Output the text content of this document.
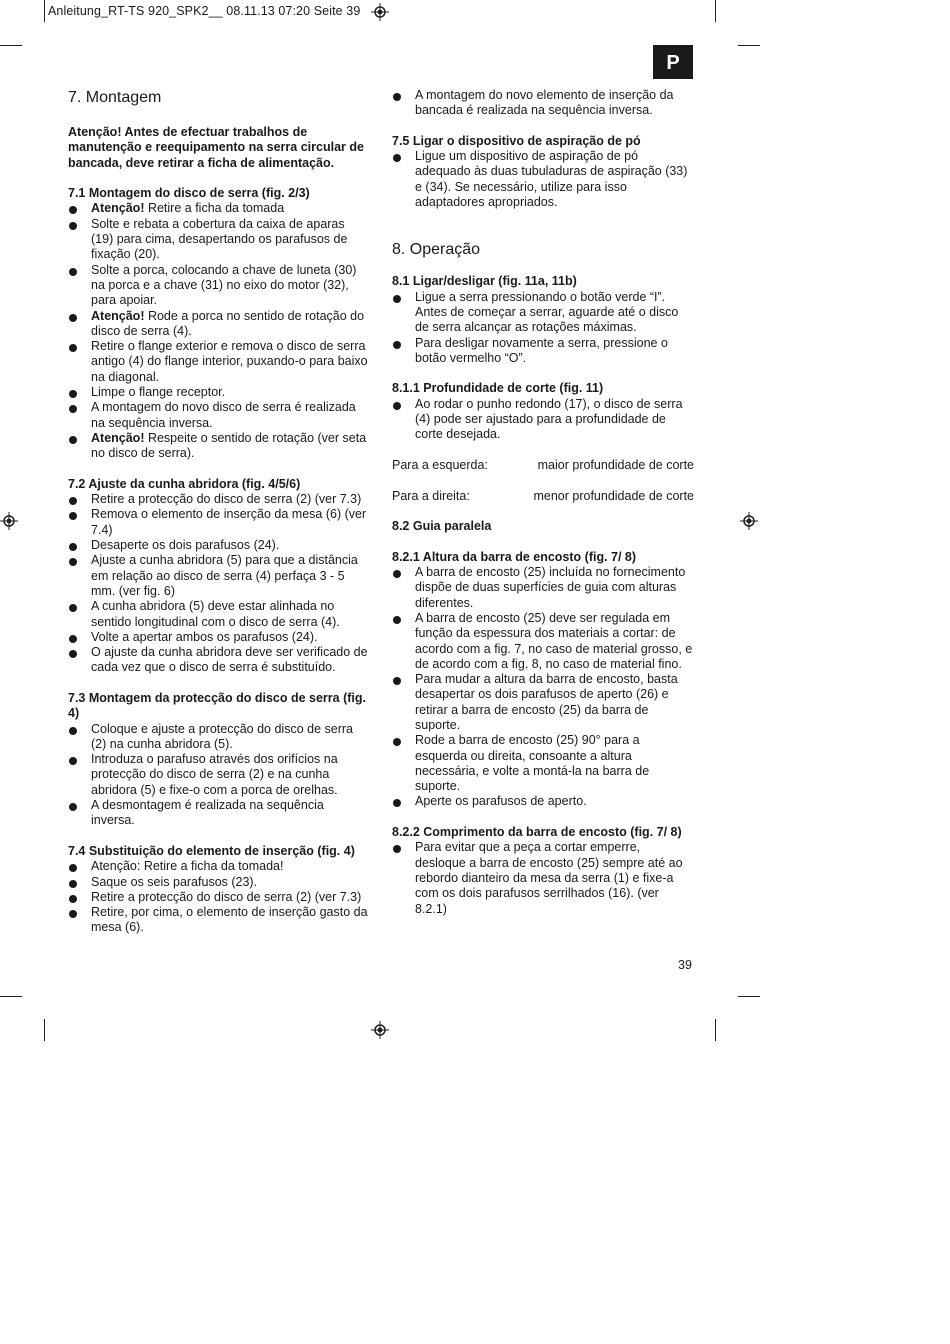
Anleitung_RT-TS 920_SPK2__ 08.11.13 07:20 Seite 39
P
7. Montagem

Atenção! Antes de efectuar trabalhos de manutenção e reequipamento na serra circular de bancada, deve retirar a ficha de alimentação.

7.1 Montagem do disco de serra (fig. 2/3)

Atenção! Retire a ficha da tomada
Solte e rebata a cobertura da caixa de aparas (19) para cima, desapertando os parafusos de fixação (20).
Solte a porca, colocando a chave de luneta (30) na porca e a chave (31) no eixo do motor (32), para apoiar.
Atenção! Rode a porca no sentido de rotação do disco de serra (4).
Retire o flange exterior e remova o disco de serra antigo (4) do flange interior, puxando-o para baixo na diagonal.
Limpe o flange receptor.
A montagem do novo disco de serra é realizada na sequência inversa.
Atenção! Respeite o sentido de rotação (ver seta no disco de serra).

7.2 Ajuste da cunha abridora (fig. 4/5/6)

Retire a protecção do disco de serra (2) (ver 7.3)
Remova o elemento de inserção da mesa (6) (ver 7.4)
Desaperte os dois parafusos (24).
Ajuste a cunha abridora (5) para que a distância em relação ao disco de serra (4) perfaça 3 - 5 mm. (ver fig. 6)
A cunha abridora (5) deve estar alinhada no sentido longitudinal com o disco de serra (4).
Volte a apertar ambos os parafusos (24).
O ajuste da cunha abridora deve ser verificado de cada vez que o disco de serra é substituído.

7.3 Montagem da protecção do disco de serra (fig. 4)

Coloque e ajuste a protecção do disco de serra (2) na cunha abridora (5).
Introduza o parafuso através dos orifícios na protecção do disco de serra (2) e na cunha abridora (5) e fixe-o com a porca de orelhas.
A desmontagem é realizada na sequência inversa.

7.4 Substituição do elemento de inserção (fig. 4)

Atenção: Retire a ficha da tomada!
Saque os seis parafusos (23).
Retire a protecção do disco de serra (2) (ver 7.3)
Retire, por cima, o elemento de inserção gasto da mesa (6).
A montagem do novo elemento de inserção da bancada é realizada na sequência inversa.

7.5 Ligar o dispositivo de aspiração de pó

Ligue um dispositivo de aspiração de pó adequado às duas tubuladuras de aspiração (33) e (34). Se necessário, utilize para isso adaptadores apropriados.
8. Operação

8.1 Ligar/desligar (fig. 11a, 11b)

Ligue a serra pressionando o botão verde “I”. Antes de começar a serrar, aguarde até o disco de serra alcançar as rotações máximas.
Para desligar novamente a serra, pressione o botão vermelho “O”.

8.1.1 Profundidade de corte (fig. 11)

Ao rodar o punho redondo (17), o disco de serra (4) pode ser ajustado para a profundidade de corte desejada.
Para a esquerda:	maior profundidade de corte
Para a direita:	menor profundidade de corte

8.2 Guia paralela

8.2.1 Altura da barra de encosto (fig. 7/ 8)

A barra de encosto (25) incluída no fornecimento dispõe de duas superfícies de guia com alturas diferentes.
A barra de encosto (25) deve ser regulada em função da espessura dos materiais a cortar: de acordo com a fig. 7, no caso de material grosso, e de acordo com a fig. 8, no caso de material fino.
Para mudar a altura da barra de encosto, basta desapertar os dois parafusos de aperto (26) e retirar a barra de encosto (25) da barra de suporte.
Rode a barra de encosto (25) 90° para a esquerda ou direita, consoante a altura necessária, e volte a montá-la na barra de suporte.
Aperte os parafusos de aperto.

8.2.2 Comprimento da barra de encosto (fig. 7/ 8)

Para evitar que a peça a cortar emperre, desloque a barra de encosto (25) sempre até ao rebordo dianteiro da mesa da serra (1) e fixe-a com os dois parafusos serrilhados (16). (ver 8.2.1)
39
